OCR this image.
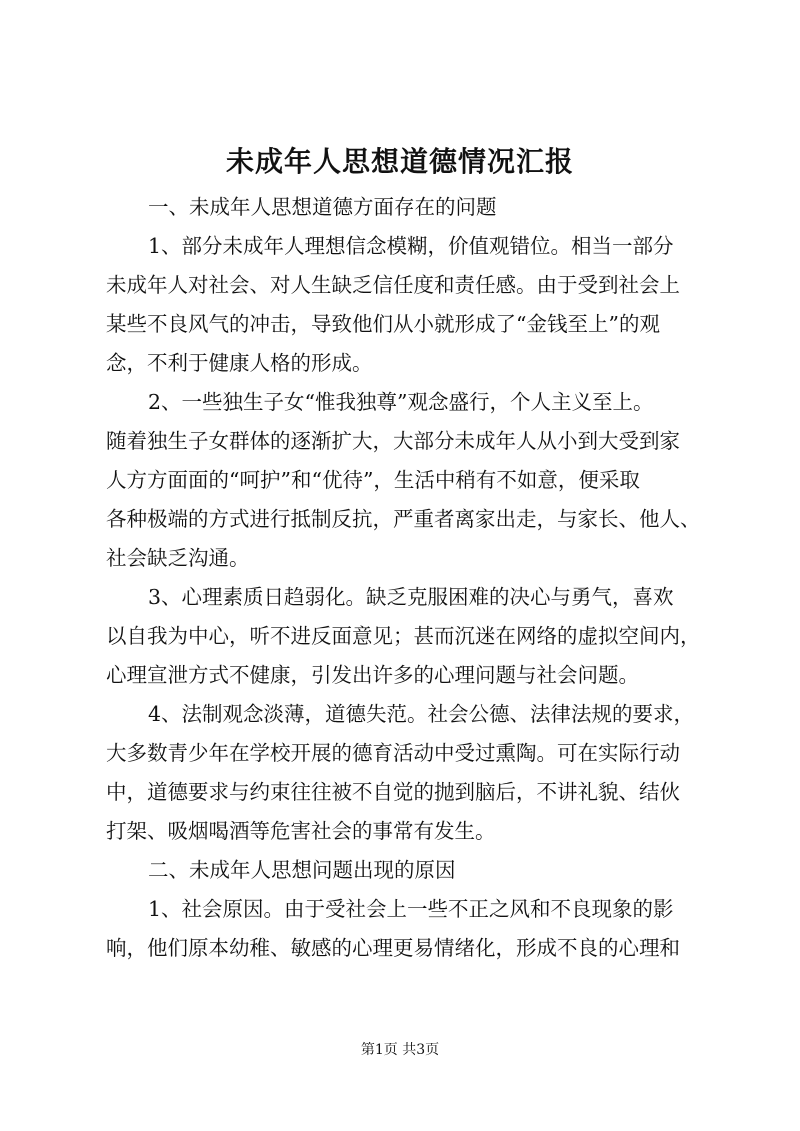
未成年人思想道德情况汇报
一、未成年人思想道德方面存在的问题
1、部分未成年人理想信念模糊，价值观错位。相当一部分
未成年人对社会、对人生缺乏信任度和责任感。由于受到社会上
某些不良风气的冲击，导致他们从小就形成了“金钱至上”的观
念，不利于健康人格的形成。
2、一些独生子女“惟我独尊”观念盛行，个人主义至上。
随着独生子女群体的逐渐扩大，大部分未成年人从小到大受到家
人方方面面的“呵护”和“优待”，生活中稍有不如意，便采取
各种极端的方式进行抵制反抗，严重者离家出走，与家长、他人、
社会缺乏沟通。
3、心理素质日趋弱化。缺乏克服困难的决心与勇气，喜欢
以自我为中心，听不进反面意见；甚而沉迷在网络的虚拟空间内，
心理宣泄方式不健康，引发出许多的心理问题与社会问题。
4、法制观念淡薄，道德失范。社会公德、法律法规的要求，
大多数青少年在学校开展的德育活动中受过熏陶。可在实际行动
中，道德要求与约束往往被不自觉的抛到脑后，不讲礼貌、结伙
打架、吸烟喝酒等危害社会的事常有发生。
二、未成年人思想问题出现的原因
1、社会原因。由于受社会上一些不正之风和不良现象的影
响，他们原本幼稚、敏感的心理更易情绪化，形成不良的心理和
第1页 共3页
